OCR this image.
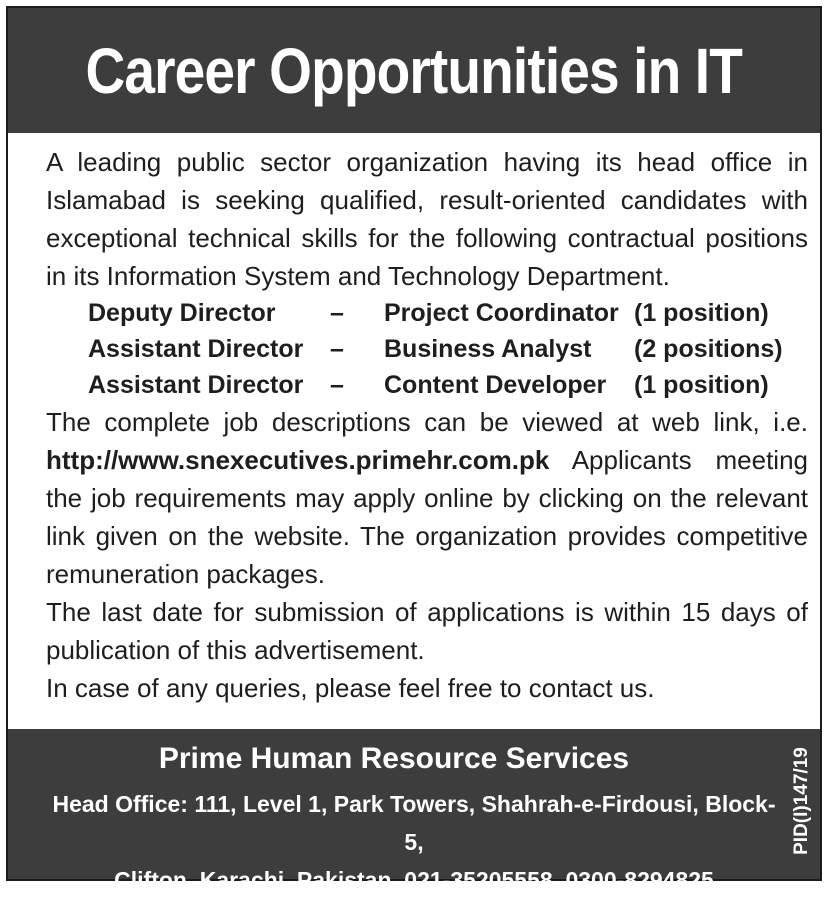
Career Opportunities in IT

A leading public sector organization having its head office in Islamabad is seeking qualified, result-oriented candidates with exceptional technical skills for the following contractual positions in its Information System and Technology Department.

Deputy Director	–	Project Coordinator (1 position)
Assistant Director	–	Business Analyst	(2 positions)
Assistant Director	–	Content Developer	(1 position)

The complete job descriptions can be viewed at web link, i.e.

http://www.snexecutives.primehr.com.pk Applicants meeting the job requirements may apply online by clicking on the relevant link given on the website. The organization provides competitive remuneration packages.

The last date for submission of applications is within 15 days of publication of this advertisement.

In case of any queries, please feel free to contact us.

Prime Human Resource Services
Head Office: 111, Level 1, Park Towers, Shahrah-e-Firdousi, Block-5,
Clifton, Karachi, Pakistan. 021-35205558, 0300-8294825
PID(I)147/19
